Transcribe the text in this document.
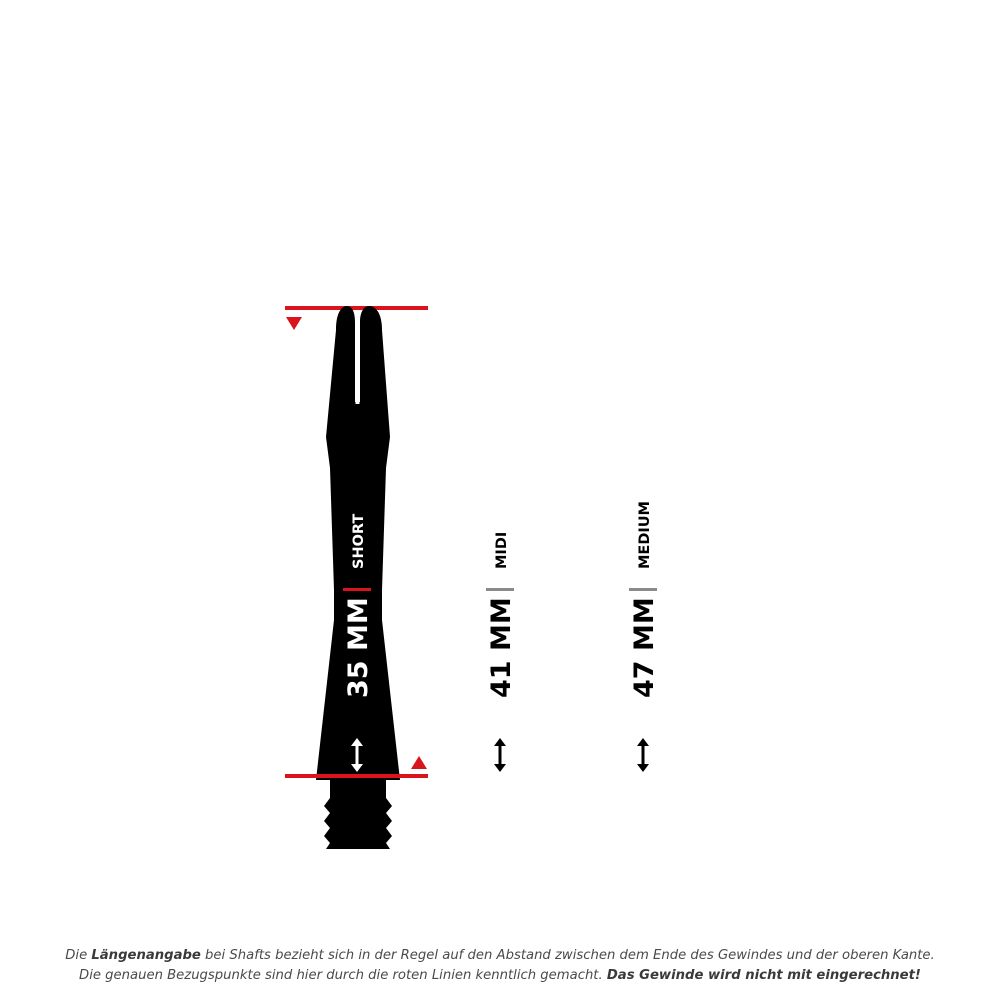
SHORT
35 MM
MIDI
41 MM
MEDIUM
47 MM
Die Längenangabe bei Shafts bezieht sich in der Regel auf den Abstand zwischen dem Ende des Gewindes und der oberen Kante.
Die genauen Bezugspunkte sind hier durch die roten Linien kenntlich gemacht. Das Gewinde wird nicht mit eingerechnet!
